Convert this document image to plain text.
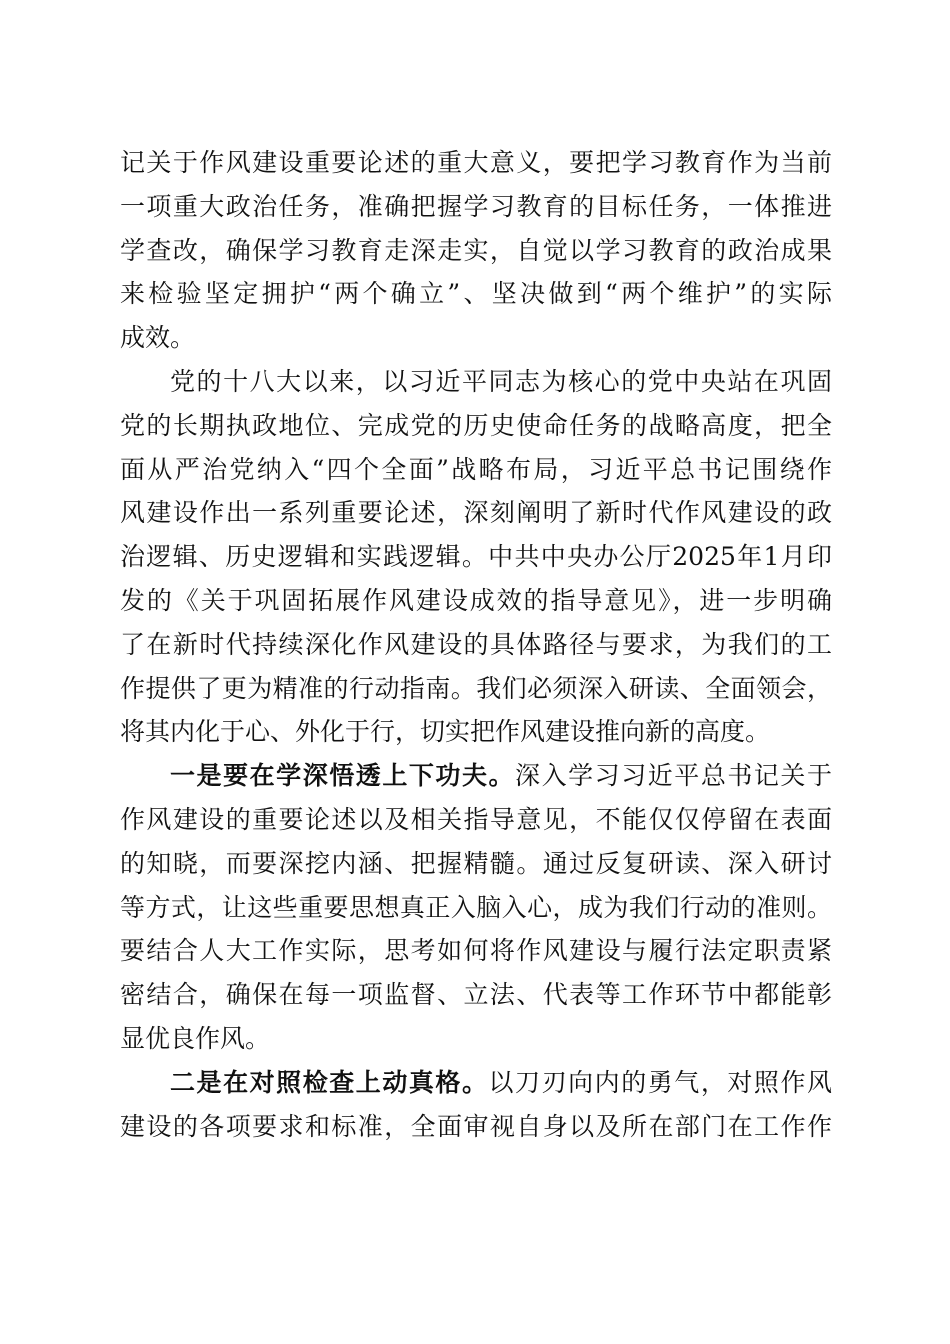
记关于作风建设重要论述的重大意义，要把学习教育作为当前
一项重大政治任务，准确把握学习教育的目标任务，一体推进
学查改，确保学习教育走深走实，自觉以学习教育的政治成果
来检验坚定拥护“两个确立”、坚决做到“两个维护”的实际
成效。
党的十八大以来，以习近平同志为核心的党中央站在巩固
党的长期执政地位、完成党的历史使命任务的战略高度，把全
面从严治党纳入“四个全面”战略布局，习近平总书记围绕作
风建设作出一系列重要论述，深刻阐明了新时代作风建设的政
治逻辑、历史逻辑和实践逻辑。中共中央办公厅2025年1月印
发的《关于巩固拓展作风建设成效的指导意见》，进一步明确
了在新时代持续深化作风建设的具体路径与要求，为我们的工
作提供了更为精准的行动指南。我们必须深入研读、全面领会，
将其内化于心、外化于行，切实把作风建设推向新的高度。
一是要在学深悟透上下功夫。深入学习习近平总书记关于
作风建设的重要论述以及相关指导意见，不能仅仅停留在表面
的知晓，而要深挖内涵、把握精髓。通过反复研读、深入研讨
等方式，让这些重要思想真正入脑入心，成为我们行动的准则。
要结合人大工作实际，思考如何将作风建设与履行法定职责紧
密结合，确保在每一项监督、立法、代表等工作环节中都能彰
显优良作风。
二是在对照检查上动真格。以刀刃向内的勇气，对照作风
建设的各项要求和标准，全面审视自身以及所在部门在工作作
